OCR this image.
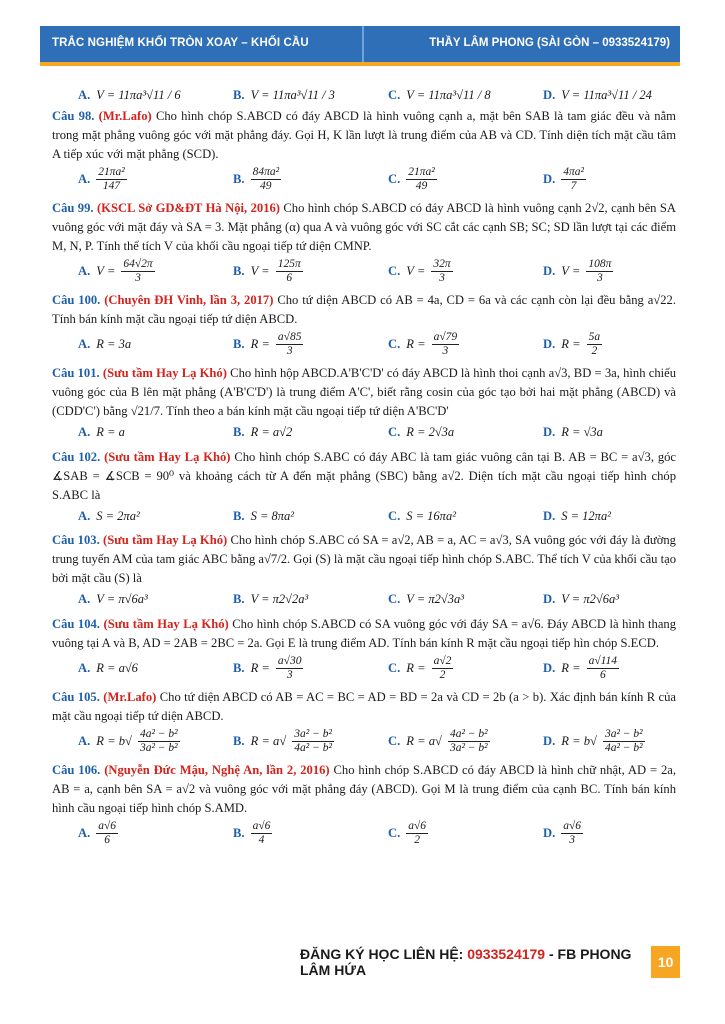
TRẮC NGHIỆM KHỐI TRÒN XOAY – KHỐI CẦU	THẦY LÂM PHONG (SÀI GÒN – 0933524179)
A. V = 11πa³√11 / 6	B. V = 11πa³√11 / 3	C. V = 11πa³√11 / 8	D. V = 11πa³√11 / 24

Câu 98. (Mr.Lafo) Cho hình chóp S.ABCD có đáy ABCD là hình vuông cạnh a, mặt bên SAB là tam giác đều và nằm trong mặt phẳng vuông góc với mặt phẳng đáy. Gọi H, K lần lượt là trung điểm của AB và CD. Tính diện tích mặt cầu tâm A tiếp xúc với mặt phẳng (SCD).

A. $\frac{\text{21πa²}}{147}$	B. $\frac{\text{84πa²}}{49}$	C. $\frac{\text{21πa²}}{49}$	D. $\frac{\text{4πa²}}{7}$

Câu 99. (KSCL Sở GD&ĐT Hà Nội, 2016) Cho hình chóp S.ABCD có đáy ABCD là hình vuông cạnh 2√2, cạnh bên SA vuông góc với mặt đáy và SA = 3. Mặt phẳng (α) qua A và vuông góc với SC cắt các cạnh SB; SC; SD lần lượt tại các điểm M, N, P. Tính thể tích V của khối cầu ngoại tiếp tứ diện CMNP.

A. $V = \frac{64√2\pi}{3}$	B. $V = \frac{125\pi}{6}$	C. $V = \frac{32\pi}{3}$	D. $V = \frac{108\pi}{3}$

Câu 100. (Chuyên ĐH Vinh, lần 3, 2017) Cho tứ diện ABCD có AB = 4a, CD = 6a và các cạnh còn lại đều bằng a√22. Tính bán kính mặt cầu ngoại tiếp tứ diện ABCD.

A. R = 3a	B. $R = \frac{a√85}{3}$	C. $R = \frac{a√79}{3}$	D. $R = \frac{5a}{2}$

Câu 101. (Sưu tầm Hay Lạ Khó) Cho hình hộp ABCD.A'B'C'D' có đáy ABCD là hình thoi cạnh a√3, BD = 3a, hình chiếu vuông góc của B lên mặt phẳng (A'B'C'D') là trung điểm A'C', biết rằng cosin của góc tạo bởi hai mặt phẳng (ABCD) và (CDD'C') bằng √21/7. Tính theo a bán kính mặt cầu ngoại tiếp tứ diện A'BC'D'

A. R = a	B. R = a√2	C. R = 2√3a	D. R = √3a

Câu 102. (Sưu tầm Hay Lạ Khó) Cho hình chóp S.ABC có đáy ABC là tam giác vuông cân tại B. AB = BC = a√3, góc ∡SAB = ∡SCB = 90⁰ và khoảng cách từ A đến mặt phẳng (SBC) bằng a√2. Diện tích mặt cầu ngoại tiếp hình chóp S.ABC là

A. S = 2πa²	B. S = 8πa²	C. S = 16πa²	D. S = 12πa²

Câu 103. (Sưu tầm Hay Lạ Khó) Cho hình chóp S.ABC có SA = a√2, AB = a, AC = a√3, SA vuông góc với đáy là đường trung tuyến AM của tam giác ABC bằng a√7/2. Gọi (S) là mặt cầu ngoại tiếp hình chóp S.ABC. Thể tích V của khối cầu tạo bởi mặt cầu (S) là

A. V = π√6a³	B. V = π2√2a³	C. V = π2√3a³	D. V = π2√6a³

Câu 104. (Sưu tầm Hay Lạ Khó) Cho hình chóp S.ABCD có SA vuông góc với đáy SA = a√6. Đáy ABCD là hình thang vuông tại A và B, AD = 2AB = 2BC = 2a. Gọi E là trung điểm AD. Tính bán kính R mặt cầu ngoại tiếp hìn chóp S.ECD.

A. R = a√6	B. $R = \frac{a√30}{3}$	C. $R = \frac{a√2}{2}$	D. $R = \frac{a√114}{6}$

Câu 105. (Mr.Lafo) Cho tứ diện ABCD có AB = AC = BC = AD = BD = 2a và CD = 2b (a > b). Xác định bán kính R của mặt cầu ngoại tiếp tứ diện ABCD.

A. $R = b√ \frac{\text{4a² − b²}}{\text{3a² − b²}}$	B. $R = a√ \frac{\text{3a² − b²}}{\text{4a² − b²}}$	C. $R = a√ \frac{\text{4a² − b²}}{\text{3a² − b²}}$	D. $R = b√ \frac{\text{3a² − b²}}{\text{4a² − b²}}$

Câu 106. (Nguyễn Đức Mậu, Nghệ An, lần 2, 2016) Cho hình chóp S.ABCD có đáy ABCD là hình chữ nhật, AD = 2a, AB = a, cạnh bên SA = a√2 và vuông góc với mặt phẳng đáy (ABCD). Gọi M là trung điểm của cạnh BC. Tính bán kính hình cầu ngoại tiếp hình chóp S.AMD.

A. $\frac{a√6}{6}$	B. $\frac{a√6}{4}$	C. $\frac{a√6}{2}$	D. $\frac{a√6}{3}$
ĐĂNG KÝ HỌC LIÊN HỆ: 0933524179 - FB PHONG LÂM HỨA	10
